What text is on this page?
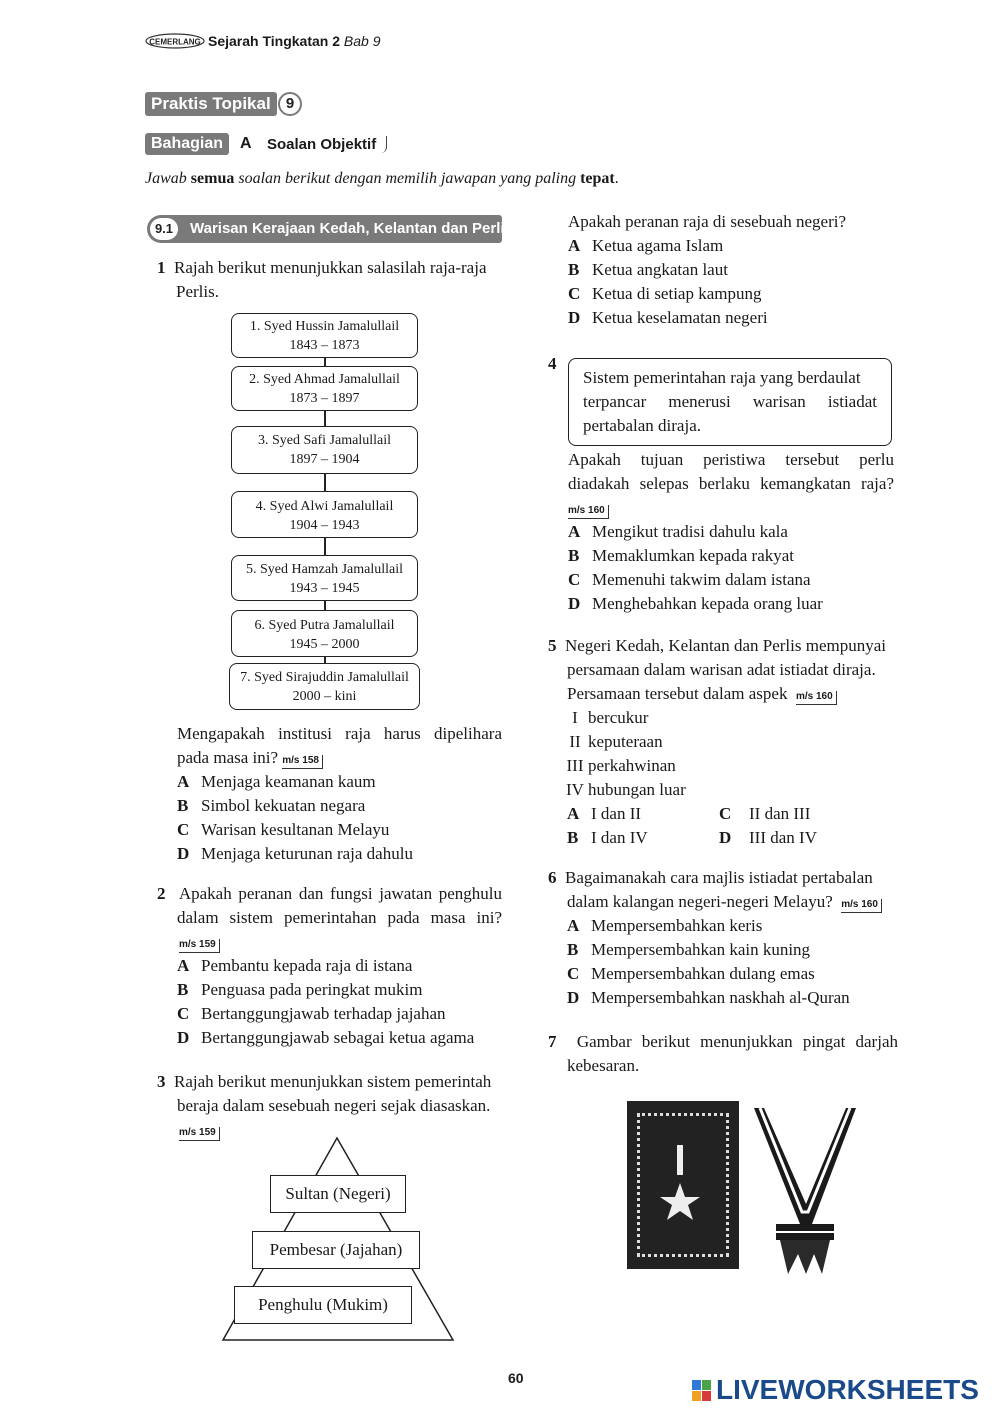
CEMERLANG Sejarah Tingkatan 2 Bab 9
Praktis Topikal	9
Bahagian	A Soalan Objektif
Jawab semua soalan berikut dengan memilih jawapan yang paling tepat.
9.1	Warisan Kerajaan Kedah, Kelantan dan Perlis
1 Rajah berikut menunjukkan salasilah raja-raja
Perlis.
1. Syed Hussin Jamalullail
1843 – 1873
2. Syed Ahmad Jamalullail
1873 – 1897
3. Syed Safi Jamalullail
1897 – 1904
4. Syed Alwi Jamalullail
1904 – 1943
5. Syed Hamzah Jamalullail
1943 – 1945
6. Syed Putra Jamalullail
1945 – 2000
7. Syed Sirajuddin Jamalullail
2000 – kini
Mengapakah institusi raja harus dipelihara
pada masa ini? m/s 158
A Menjaga keamanan kaum
B Simbol kekuatan negara
C Warisan kesultanan Melayu
D Menjaga keturunan raja dahulu
2 Apakah peranan dan fungsi jawatan penghulu
dalam sistem pemerintahan pada masa ini?
m/s 159
A Pembantu kepada raja di istana
B Penguasa pada peringkat mukim
C Bertanggungjawab terhadap jajahan
D Bertanggungjawab sebagai ketua agama
3 Rajah berikut menunjukkan sistem pemerintah
beraja dalam sesebuah negeri sejak diasaskan.
m/s 159
Sultan (Negeri)
Pembesar (Jajahan)
Penghulu (Mukim)
Apakah peranan raja di sesebuah negeri?
A Ketua agama Islam
B Ketua angkatan laut
C Ketua di setiap kampung
D Ketua keselamatan negeri
4
Sistem pemerintahan raja yang berdaulat
terpancar menerusi warisan istiadat
pertabalan diraja.
Apakah tujuan peristiwa tersebut perlu
diadakah selepas berlaku kemangkatan raja?
m/s 160
A Mengikut tradisi dahulu kala
B Memaklumkan kepada rakyat
C Memenuhi takwim dalam istana
D Menghebahkan kepada orang luar
5 Negeri Kedah, Kelantan dan Perlis mempunyai
persamaan dalam warisan adat istiadat diraja.
Persamaan tersebut dalam aspek m/s 160
I bercukur
II keputeraan
III perkahwinan
IV hubungan luar
A I dan II	C II dan III
B I dan IV	D III dan IV
6 Bagaimanakah cara majlis istiadat pertabalan
dalam kalangan negeri-negeri Melayu? m/s 160
A Mempersembahkan keris
B Mempersembahkan kain kuning
C Mempersembahkan dulang emas
D Mempersembahkan naskhah al-Quran
7 Gambar berikut menunjukkan pingat darjah
kebesaran.
60	LIVEWORKSHEETS
